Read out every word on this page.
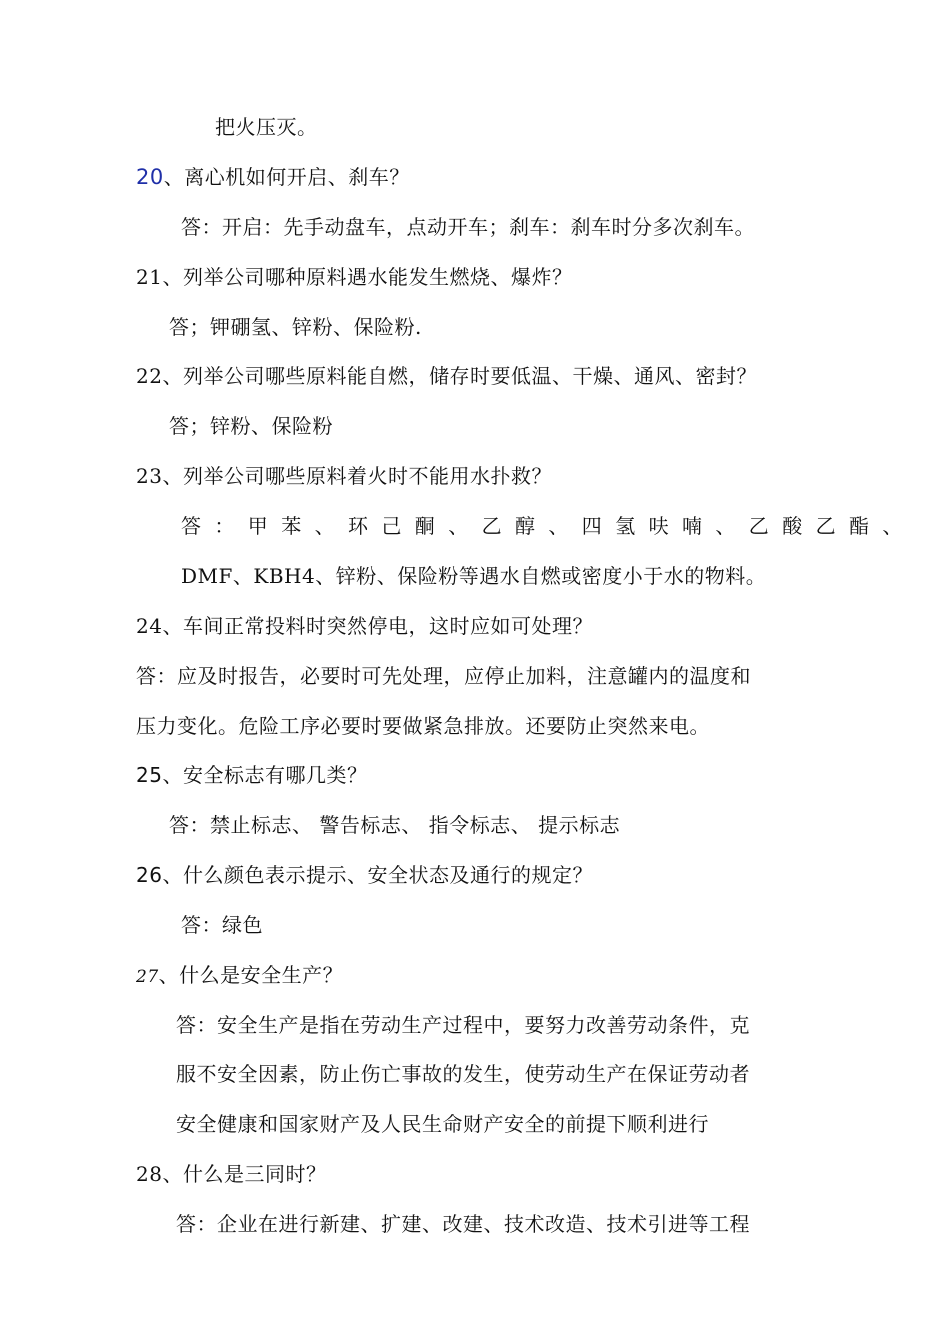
把火压灭。
20、离心机如何开启、刹车？
答：开启：先手动盘车，点动开车；刹车：刹车时分多次刹车。
21、列举公司哪种原料遇水能发生燃烧、爆炸？
答；钾硼氢、锌粉、保险粉.
22、列举公司哪些原料能自燃，储存时要低温、干燥、通风、密封？
答；锌粉、保险粉
23、列举公司哪些原料着火时不能用水扑救？
答：甲苯、环己酮、乙醇、四氢呋喃、乙酸乙酯、
DMF、KBH4、锌粉、保险粉等遇水自燃或密度小于水的物料。
24、车间正常投料时突然停电，这时应如可处理？
答：应及时报告，必要时可先处理，应停止加料，注意罐内的温度和
压力变化。危险工序必要时要做紧急排放。还要防止突然来电。
25、安全标志有哪几类？
答：禁止标志、 警告标志、 指令标志、 提示标志
26、什么颜色表示提示、安全状态及通行的规定？
答：绿色
27、什么是安全生产？
答：安全生产是指在劳动生产过程中，要努力改善劳动条件，克
服不安全因素，防止伤亡事故的发生，使劳动生产在保证劳动者
安全健康和国家财产及人民生命财产安全的前提下顺利进行
28、什么是三同时？
答：企业在进行新建、扩建、改建、技术改造、技术引进等工程
